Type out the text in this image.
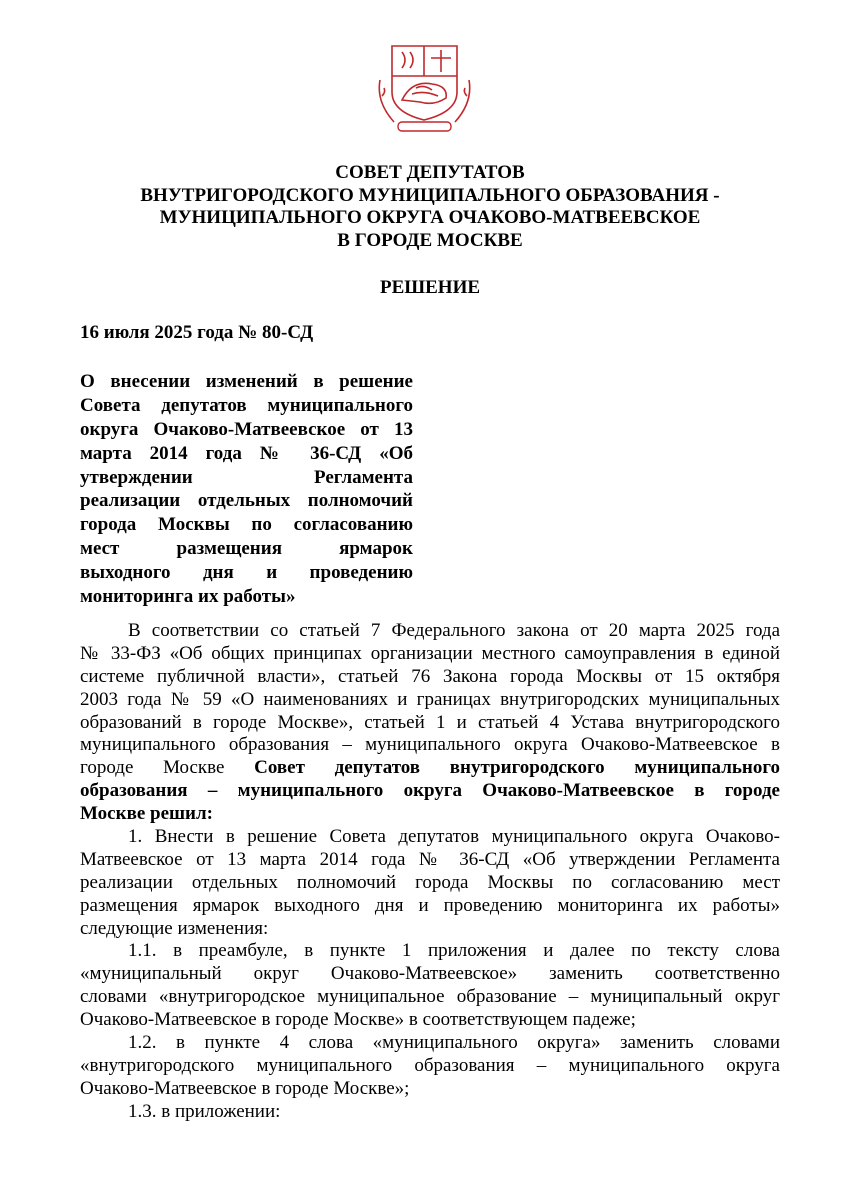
СОВЕТ ДЕПУТАТОВ
ВНУТРИГОРОДСКОГО МУНИЦИПАЛЬНОГО ОБРАЗОВАНИЯ -
МУНИЦИПАЛЬНОГО ОКРУГА ОЧАКОВО-МАТВЕЕВСКОЕ
В ГОРОДЕ МОСКВЕ
РЕШЕНИЕ
16 июля 2025 года № 80-СД
О внесении изменений в решение
Совета депутатов муниципального
округа Очаково-Матвеевское от 13
марта 2014 года № 36-СД «Об
утверждении Регламента
реализации отдельных полномочий
города Москвы по согласованию
мест размещения ярмарок
выходного дня и проведению
мониторинга их работы»
В соответствии со статьей 7 Федерального закона от 20 марта 2025 года
№ 33-ФЗ «Об общих принципах организации местного самоуправления в единой
системе публичной власти», статьей 76 Закона города Москвы от 15 октября
2003 года № 59 «О наименованиях и границах внутригородских муниципальных
образований в городе Москве», статьей 1 и статьей 4 Устава внутригородского
муниципального образования – муниципального округа Очаково-Матвеевское в
городе Москве Совет депутатов внутригородского муниципального
образования – муниципального округа Очаково-Матвеевское в городе
Москве решил:
1. Внести в решение Совета депутатов муниципального округа Очаково-
Матвеевское от 13 марта 2014 года № 36-СД «Об утверждении Регламента
реализации отдельных полномочий города Москвы по согласованию мест
размещения ярмарок выходного дня и проведению мониторинга их работы»
следующие изменения:
1.1. в преамбуле, в пункте 1 приложения и далее по тексту слова
«муниципальный округ Очаково-Матвеевское» заменить соответственно
словами «внутригородское муниципальное образование – муниципальный округ
Очаково-Матвеевское в городе Москве» в соответствующем падеже;
1.2. в пункте 4 слова «муниципального округа» заменить словами
«внутригородского муниципального образования – муниципального округа
Очаково-Матвеевское в городе Москве»;
1.3. в приложении:
